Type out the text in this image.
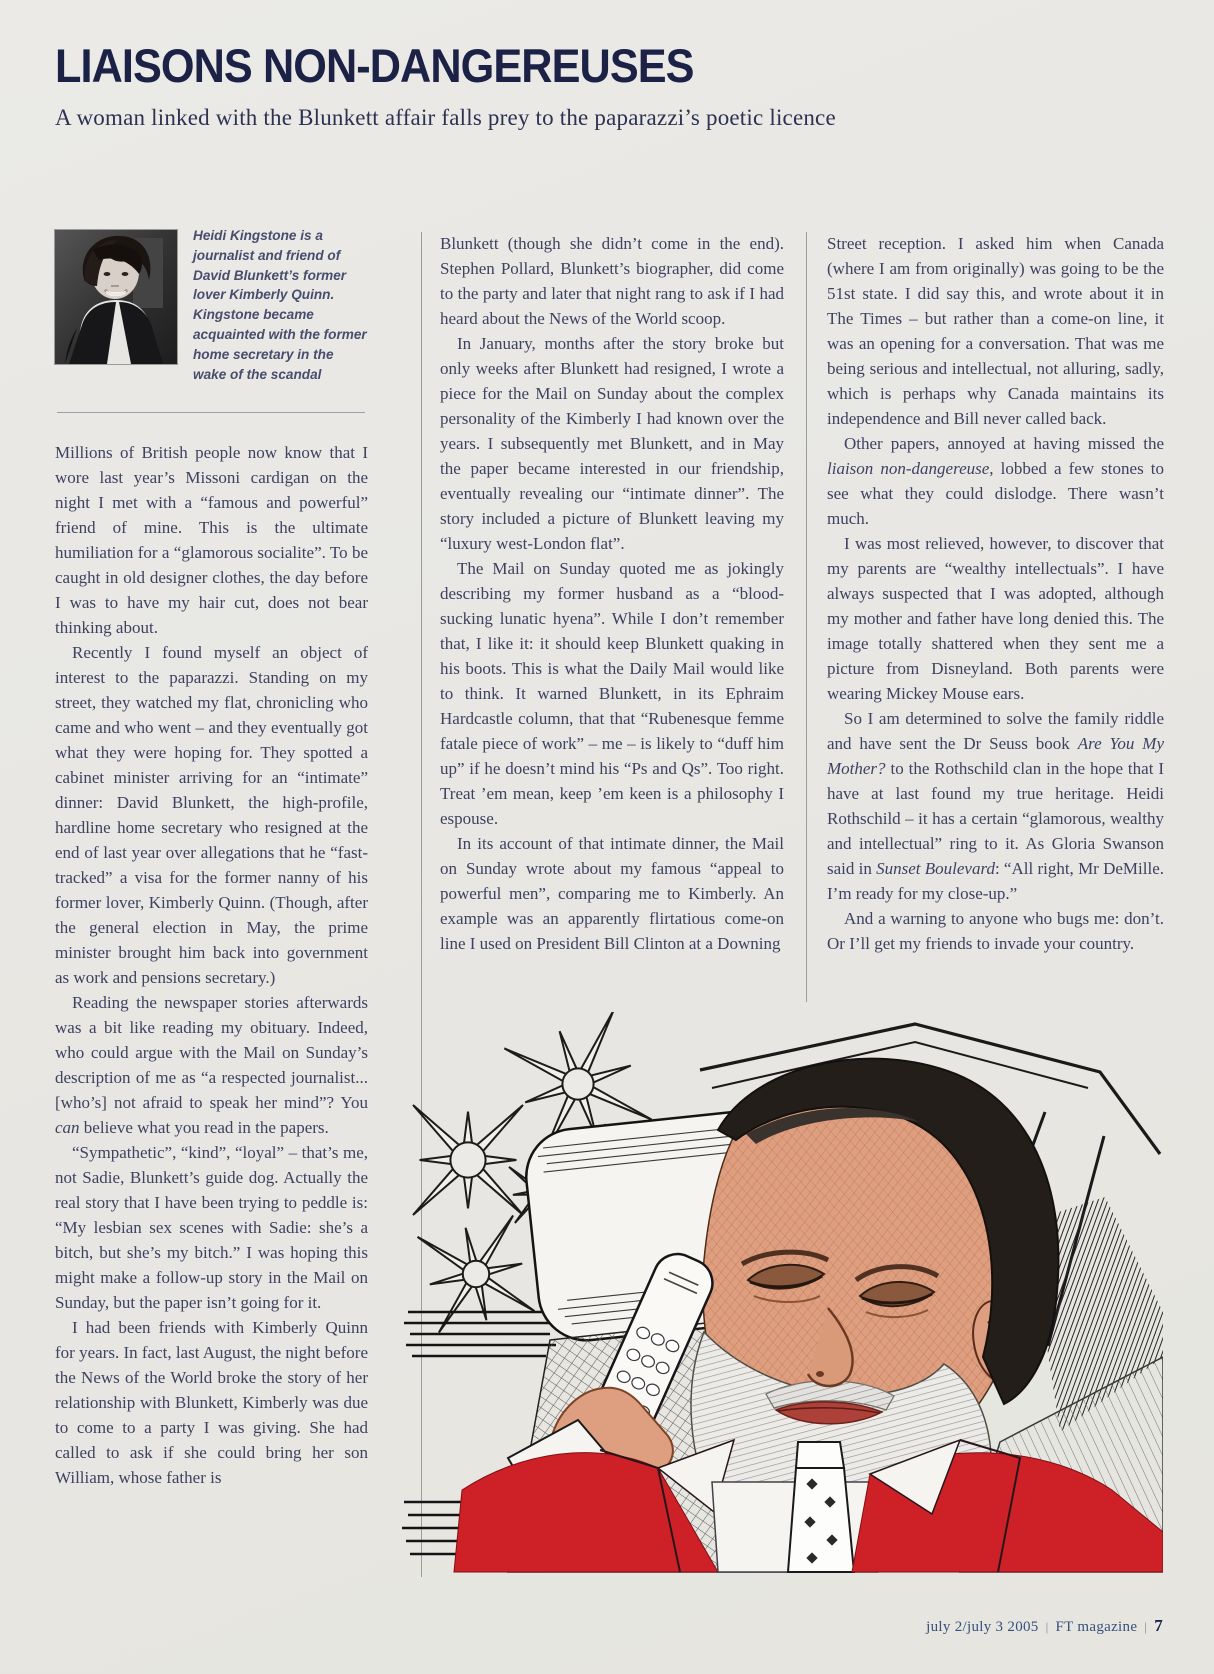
LIAISONS NON-DANGEREUSES

A woman linked with the Blunkett affair falls prey to the paparazzi’s poetic licence

Heidi Kingstone is a journalist and friend of David Blunkett’s former lover Kimberly Quinn. Kingstone became acquainted with the former home secretary in the wake of the scandal

Millions of British people now know that I wore last year’s Missoni cardigan on the night I met with a “famous and powerful” friend of mine. This is the ultimate humiliation for a “glamorous socialite”. To be caught in old designer clothes, the day before I was to have my hair cut, does not bear thinking about.

Recently I found myself an object of interest to the paparazzi. Standing on my street, they watched my flat, chronicling who came and who went – and they eventually got what they were hoping for. They spotted a cabinet minister arriving for an “intimate” dinner: David Blunkett, the high-profile, hardline home secretary who resigned at the end of last year over allegations that he “fast-tracked” a visa for the former nanny of his former lover, Kimberly Quinn. (Though, after the general election in May, the prime minister brought him back into government as work and pensions secretary.)

Reading the newspaper stories afterwards was a bit like reading my obituary. Indeed, who could argue with the Mail on Sunday’s description of me as “a respected journalist... [who’s] not afraid to speak her mind”? You can believe what you read in the papers.

“Sympathetic”, “kind”, “loyal” – that’s me, not Sadie, Blunkett’s guide dog. Actually the real story that I have been trying to peddle is: “My lesbian sex scenes with Sadie: she’s a bitch, but she’s my bitch.” I was hoping this might make a follow-up story in the Mail on Sunday, but the paper isn’t going for it.

I had been friends with Kimberly Quinn for years. In fact, last August, the night before the News of the World broke the story of her relationship with Blunkett, Kimberly was due to come to a party I was giving. She had called to ask if she could bring her son William, whose father is

Blunkett (though she didn’t come in the end). Stephen Pollard, Blunkett’s biographer, did come to the party and later that night rang to ask if I had heard about the News of the World scoop.

In January, months after the story broke but only weeks after Blunkett had resigned, I wrote a piece for the Mail on Sunday about the complex personality of the Kimberly I had known over the years. I subsequently met Blunkett, and in May the paper became interested in our friendship, eventually revealing our “intimate dinner”. The story included a picture of Blunkett leaving my “luxury west-London flat”.

The Mail on Sunday quoted me as jokingly describing my former husband as a “blood-sucking lunatic hyena”. While I don’t remember that, I like it: it should keep Blunkett quaking in his boots. This is what the Daily Mail would like to think. It warned Blunkett, in its Ephraim Hardcastle column, that that “Rubenesque femme fatale piece of work” – me – is likely to “duff him up” if he doesn’t mind his “Ps and Qs”. Too right. Treat ’em mean, keep ’em keen is a philosophy I espouse.

In its account of that intimate dinner, the Mail on Sunday wrote about my famous “appeal to powerful men”, comparing me to Kimberly. An example was an apparently flirtatious come-on line I used on President Bill Clinton at a Downing

Street reception. I asked him when Canada (where I am from originally) was going to be the 51st state. I did say this, and wrote about it in The Times – but rather than a come-on line, it was an opening for a conversation. That was me being serious and intellectual, not alluring, sadly, which is perhaps why Canada maintains its independence and Bill never called back.

Other papers, annoyed at having missed the liaison non-dangereuse, lobbed a few stones to see what they could dislodge. There wasn’t much.

I was most relieved, however, to discover that my parents are “wealthy intellectuals”. I have always suspected that I was adopted, although my mother and father have long denied this. The image totally shattered when they sent me a picture from Disneyland. Both parents were wearing Mickey Mouse ears.

So I am determined to solve the family riddle and have sent the Dr Seuss book Are You My Mother? to the Rothschild clan in the hope that I have at last found my true heritage. Heidi Rothschild – it has a certain “glamorous, wealthy and intellectual” ring to it. As Gloria Swanson said in Sunset Boulevard: “All right, Mr DeMille. I’m ready for my close-up.”

And a warning to anyone who bugs me: don’t. Or I’ll get my friends to invade your country.

july 2/july 3 2005 | FT magazine | 7
